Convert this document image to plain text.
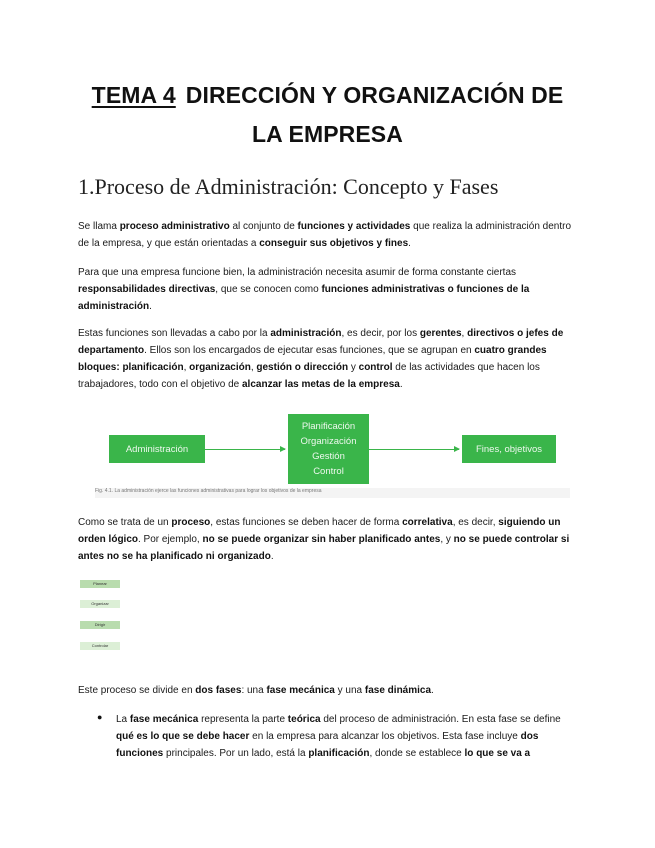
TEMA 4 DIRECCIÓN Y ORGANIZACIÓN DE
LA EMPRESA
1.Proceso de Administración: Concepto y Fases
Se llama proceso administrativo al conjunto de funciones y actividades que realiza la administración dentro de la empresa, y que están orientadas a conseguir sus objetivos y fines.
Para que una empresa funcione bien, la administración necesita asumir de forma constante ciertas responsabilidades directivas, que se conocen como funciones administrativas o funciones de la administración.
Estas funciones son llevadas a cabo por la administración, es decir, por los gerentes, directivos o jefes de departamento. Ellos son los encargados de ejecutar esas funciones, que se agrupan en cuatro grandes bloques: planificación, organización, gestión o dirección y control de las actividades que hacen los trabajadores, todo con el objetivo de alcanzar las metas de la empresa.
Administración
Planificación
Organización
Gestión
Control
Fines, objetivos
Fig. 4.1. La administración ejerce las funciones administrativas para lograr los objetivos de la empresa
Como se trata de un proceso, estas funciones se deben hacer de forma correlativa, es decir, siguiendo un orden lógico. Por ejemplo, no se puede organizar sin haber planificado antes, y no se puede controlar si antes no se ha planificado ni organizado.
Planear
Organizar
Dirigir
Controlar
Este proceso se divide en dos fases: una fase mecánica y una fase dinámica.
● La fase mecánica representa la parte teórica del proceso de administración. En esta fase se define qué es lo que se debe hacer en la empresa para alcanzar los objetivos. Esta fase incluye dos funciones principales. Por un lado, está la planificación, donde se establece lo que se va a
